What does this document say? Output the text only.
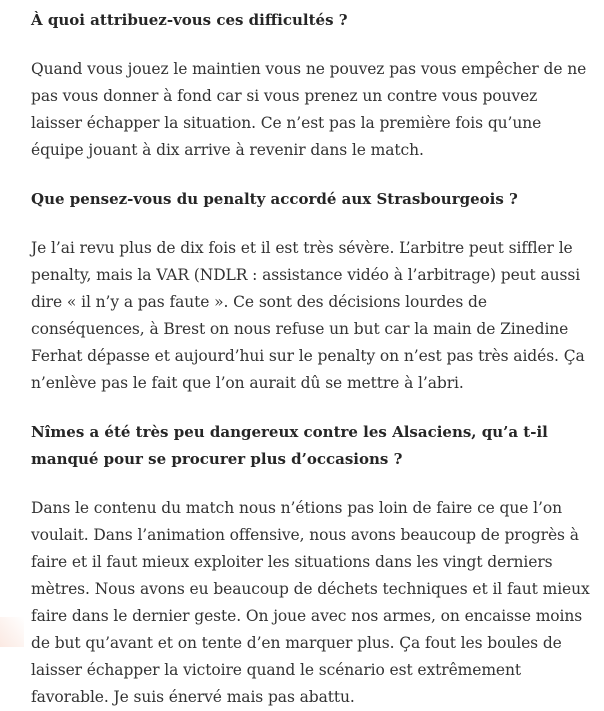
À quoi attribuez-vous ces difficultés ?

Quand vous jouez le maintien vous ne pouvez pas vous empêcher de ne pas vous donner à fond car si vous prenez un contre vous pouvez laisser échapper la situation. Ce n’est pas la première fois qu’une équipe jouant à dix arrive à revenir dans le match.

Que pensez-vous du penalty accordé aux Strasbourgeois ?

Je l’ai revu plus de dix fois et il est très sévère. L’arbitre peut siffler le penalty, mais la VAR (NDLR : assistance vidéo à l’arbitrage) peut aussi dire « il n’y a pas faute ». Ce sont des décisions lourdes de conséquences, à Brest on nous refuse un but car la main de Zinedine Ferhat dépasse et aujourd’hui sur le penalty on n’est pas très aidés. Ça n’enlève pas le fait que l’on aurait dû se mettre à l’abri.

Nîmes a été très peu dangereux contre les Alsaciens, qu’a t-il manqué pour se procurer plus d’occasions ?

Dans le contenu du match nous n’étions pas loin de faire ce que l’on voulait. Dans l’animation offensive, nous avons beaucoup de progrès à faire et il faut mieux exploiter les situations dans les vingt derniers mètres. Nous avons eu beaucoup de déchets techniques et il faut mieux faire dans le dernier geste. On joue avec nos armes, on encaisse moins de but qu’avant et on tente d’en marquer plus. Ça fout les boules de laisser échapper la victoire quand le scénario est extrêmement favorable. Je suis énervé mais pas abattu.
